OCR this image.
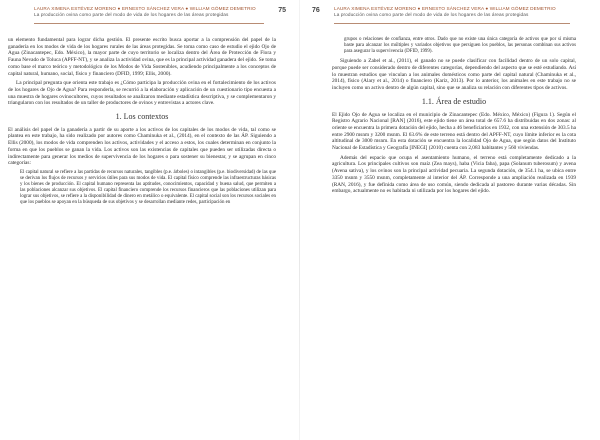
LAURA XIMENA ESTÉVEZ MORENO ● ERNESTO SÁNCHEZ VERA ● WILLIAM GÓMEZ DEMETRIO
La producción ovina como parte del modo de vida de los hogares de las áreas protegidas
75

un elemento fundamental para lograr dicha gestión. El presente escrito busca aportar a la comprensión del papel de la ganadería en los modos de vida de los hogares rurales de las áreas protegidas. Se toma como caso de estudio el ejido Ojo de Agua (Zinacantepec, Edo. México), la mayor parte de cuyo territorio se localiza dentro del Área de Protección de Flora y Fauna Nevado de Toluca (APFF-NT), y se analiza la actividad ovina, que es la principal actividad ganadera del ejido. Se toma como base el marco teórico y metodológico de los Modos de Vida Sostenibles, acudiendo principalmente a los conceptos de capital natural, humano, social, físico y financiero (DFID, 1999; Ellis, 2000).

La principal pregunta que orienta este trabajo es ¿Cómo participa la producción ovina en el fortalecimiento de los activos de los hogares de Ojo de Agua? Para responderla, se recurrió a la elaboración y aplicación de un cuestionario tipo encuesta a una muestra de hogares ovinocultores, cuyos resultados se analizaron mediante estadística descriptiva, y se complementaron y triangularon con los resultados de un taller de productores de ovinos y entrevistas a actores clave.

1. Los contextos

El análisis del papel de la ganadería a partir de su aporte a los activos de los capitales de los modos de vida, tal como se plantea en este trabajo, ha sido realizado por autores como Chaminuka et al., (2014), en el contexto de las ÁP. Siguiendo a Ellis (2000), los modos de vida comprenden los activos, actividades y el acceso a estos, los cuales determinan en conjunto la forma en que los pueblos se ganan la vida. Los activos son las existencias de capitales que pueden ser utilizadas directa o indirectamente para generar los medios de supervivencia de los hogares o para sostener su bienestar, y se agrupan en cinco categorías:

El capital natural se refiere a las partidas de recursos naturales, tangibles (p.e. árboles) o intangibles (p.e. biodiversidad) de las que se derivan los flujos de recursos y servicios útiles para sus modos de vida. El capital físico comprende las infraestructuras básicas y los bienes de producción. El capital humano representa las aptitudes, conocimientos, capacidad y buena salud, que permiten a las poblaciones alcanzar sus objetivos. El capital financiero comprende los recursos financieros que las poblaciones utilizan para lograr sus objetivos, se refiere a la disponibilidad de dinero en metálico o equivalente. El capital social son los recursos sociales en que los pueblos se apoyan en la búsqueda de sus objetivos y se desarrollan mediante redes, participación en

76	LAURA XIMENA ESTÉVEZ MORENO ● ERNESTO SÁNCHEZ VERA ● WILLIAM GÓMEZ DEMETRIO
La producción ovina como parte del modo de vida de los hogares de las áreas protegidas

grupos o relaciones de confianza, entre otros. Dado que no existe una única categoría de activos que por sí misma baste para alcanzar los múltiples y variados objetivos que persiguen los pueblos, las personas combinan sus activos para asegurar la supervivencia (DFID, 1999).

Siguiendo a Zabel et al., (2011), el ganado no se puede clasificar con facilidad dentro de un solo capital, porque puede ser considerado dentro de diferentes categorías, dependiendo del aspecto que se esté estudiando. Así lo muestran estudios que vinculan a los animales domésticos como parte del capital natural (Chaminuka et al., 2014), físico (Alary et al., 2014) o financiero (Kariz, 2013). Por lo anterior, los animales en este trabajo no se incluyen como un activo dentro de algún capital, sino que se analiza su relación con diferentes tipos de activos.

1.1. Área de estudio

El Ejido Ojo de Agua se localiza en el municipio de Zinacantepec (Edo. México, México) (Figura 1). Según el Registro Agrario Nacional [RAN] (2016), este ejido tiene un área total de 657.6 ha distribuidas en dos zonas: al oriente se encuentra la primera dotación del ejido, hecha a 46 beneficiarios en 1932, con una extensión de 303.5 ha entre 2900 msnm y 3200 msnm. El 63.6% de este terreno está dentro del APFF-NT, cuyo límite inferior es la cota altitudinal de 3000 msnm. En esta dotación se encuentra la localidad Ojo de Agua, que según datos del Instituto Nacional de Estadística y Geografía [INEGI] (2010) cuenta con 2,083 habitantes y 560 viviendas.

Además del espacio que ocupa el asentamiento humano, el terreno está completamente dedicado a la agricultura. Los principales cultivos son maíz (Zea mays), haba (Vicia faba), papa (Solanum tuberosum) y avena (Avena sativa), y los ovinos son la principal actividad pecuaria. La segunda dotación, de 354.1 ha, se ubica entre 3350 msnm y 3550 msnm, completamente al interior del ÁP. Corresponde a una ampliación realizada en 1939 (RAN, 2016), y fue definida como área de uso común, siendo dedicada al pastoreo durante varias décadas. Sin embargo, actualmente no es habitada ni utilizada por los hogares del ejido.
